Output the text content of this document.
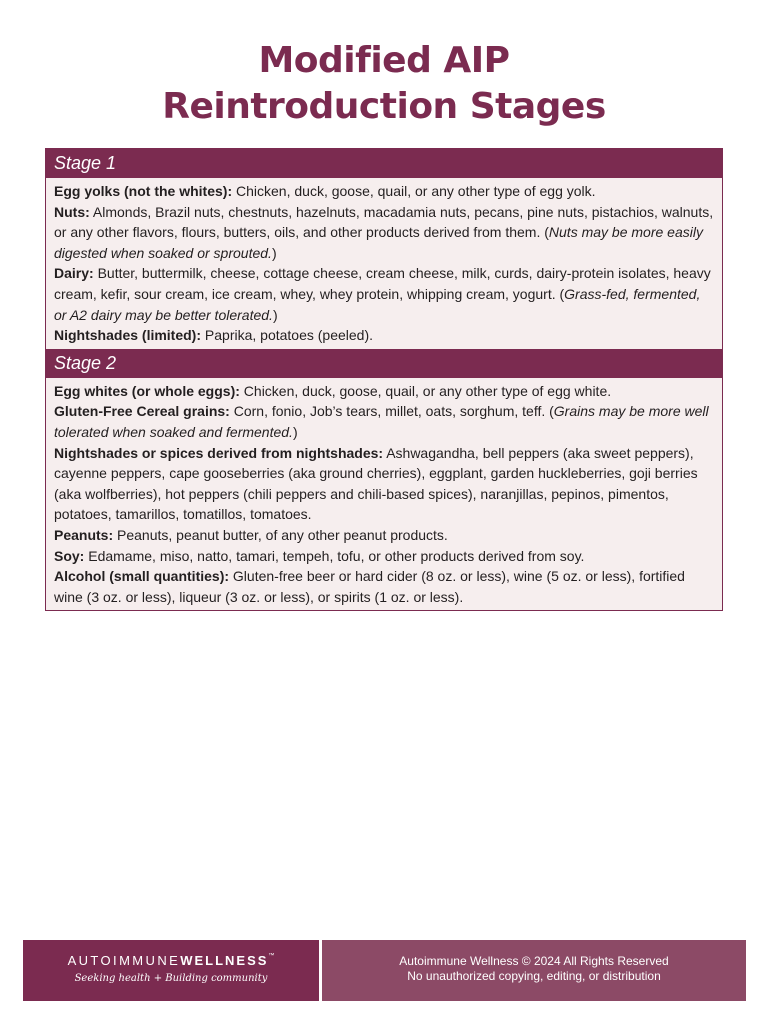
Modified AIP
Reintroduction Stages
Stage 1

Egg yolks (not the whites): Chicken, duck, goose, quail, or any other type of egg yolk.

Nuts: Almonds, Brazil nuts, chestnuts, hazelnuts, macadamia nuts, pecans, pine nuts, pistachios, walnuts, or any other flavors, flours, butters, oils, and other products derived from them. (Nuts may be more easily digested when soaked or sprouted.)

Dairy: Butter, buttermilk, cheese, cottage cheese, cream cheese, milk, curds, dairy-protein isolates, heavy cream, kefir, sour cream, ice cream, whey, whey protein, whipping cream, yogurt. (Grass-fed, fermented, or A2 dairy may be better tolerated.)

Nightshades (limited): Paprika, potatoes (peeled).

Stage 2

Egg whites (or whole eggs): Chicken, duck, goose, quail, or any other type of egg white.

Gluten-Free Cereal grains: Corn, fonio, Job’s tears, millet, oats, sorghum, teff. (Grains may be more well tolerated when soaked and fermented.)

Nightshades or spices derived from nightshades: Ashwagandha, bell peppers (aka sweet peppers), cayenne peppers, cape gooseberries (aka ground cherries), eggplant, garden huckleberries, goji berries (aka wolfberries), hot peppers (chili peppers and chili-based spices), naranjillas, pepinos, pimentos, potatoes, tamarillos, tomatillos, tomatoes.

Peanuts: Peanuts, peanut butter, of any other peanut products.

Soy: Edamame, miso, natto, tamari, tempeh, tofu, or other products derived from soy.

Alcohol (small quantities): Gluten-free beer or hard cider (8 oz. or less), wine (5 oz. or less), fortified wine (3 oz. or less), liqueur (3 oz. or less), or spirits (1 oz. or less).

AUTOIMMUNEWELLNESS™
Seeking health + Building community
Autoimmune Wellness © 2024 All Rights Reserved
No unauthorized copying, editing, or distribution
